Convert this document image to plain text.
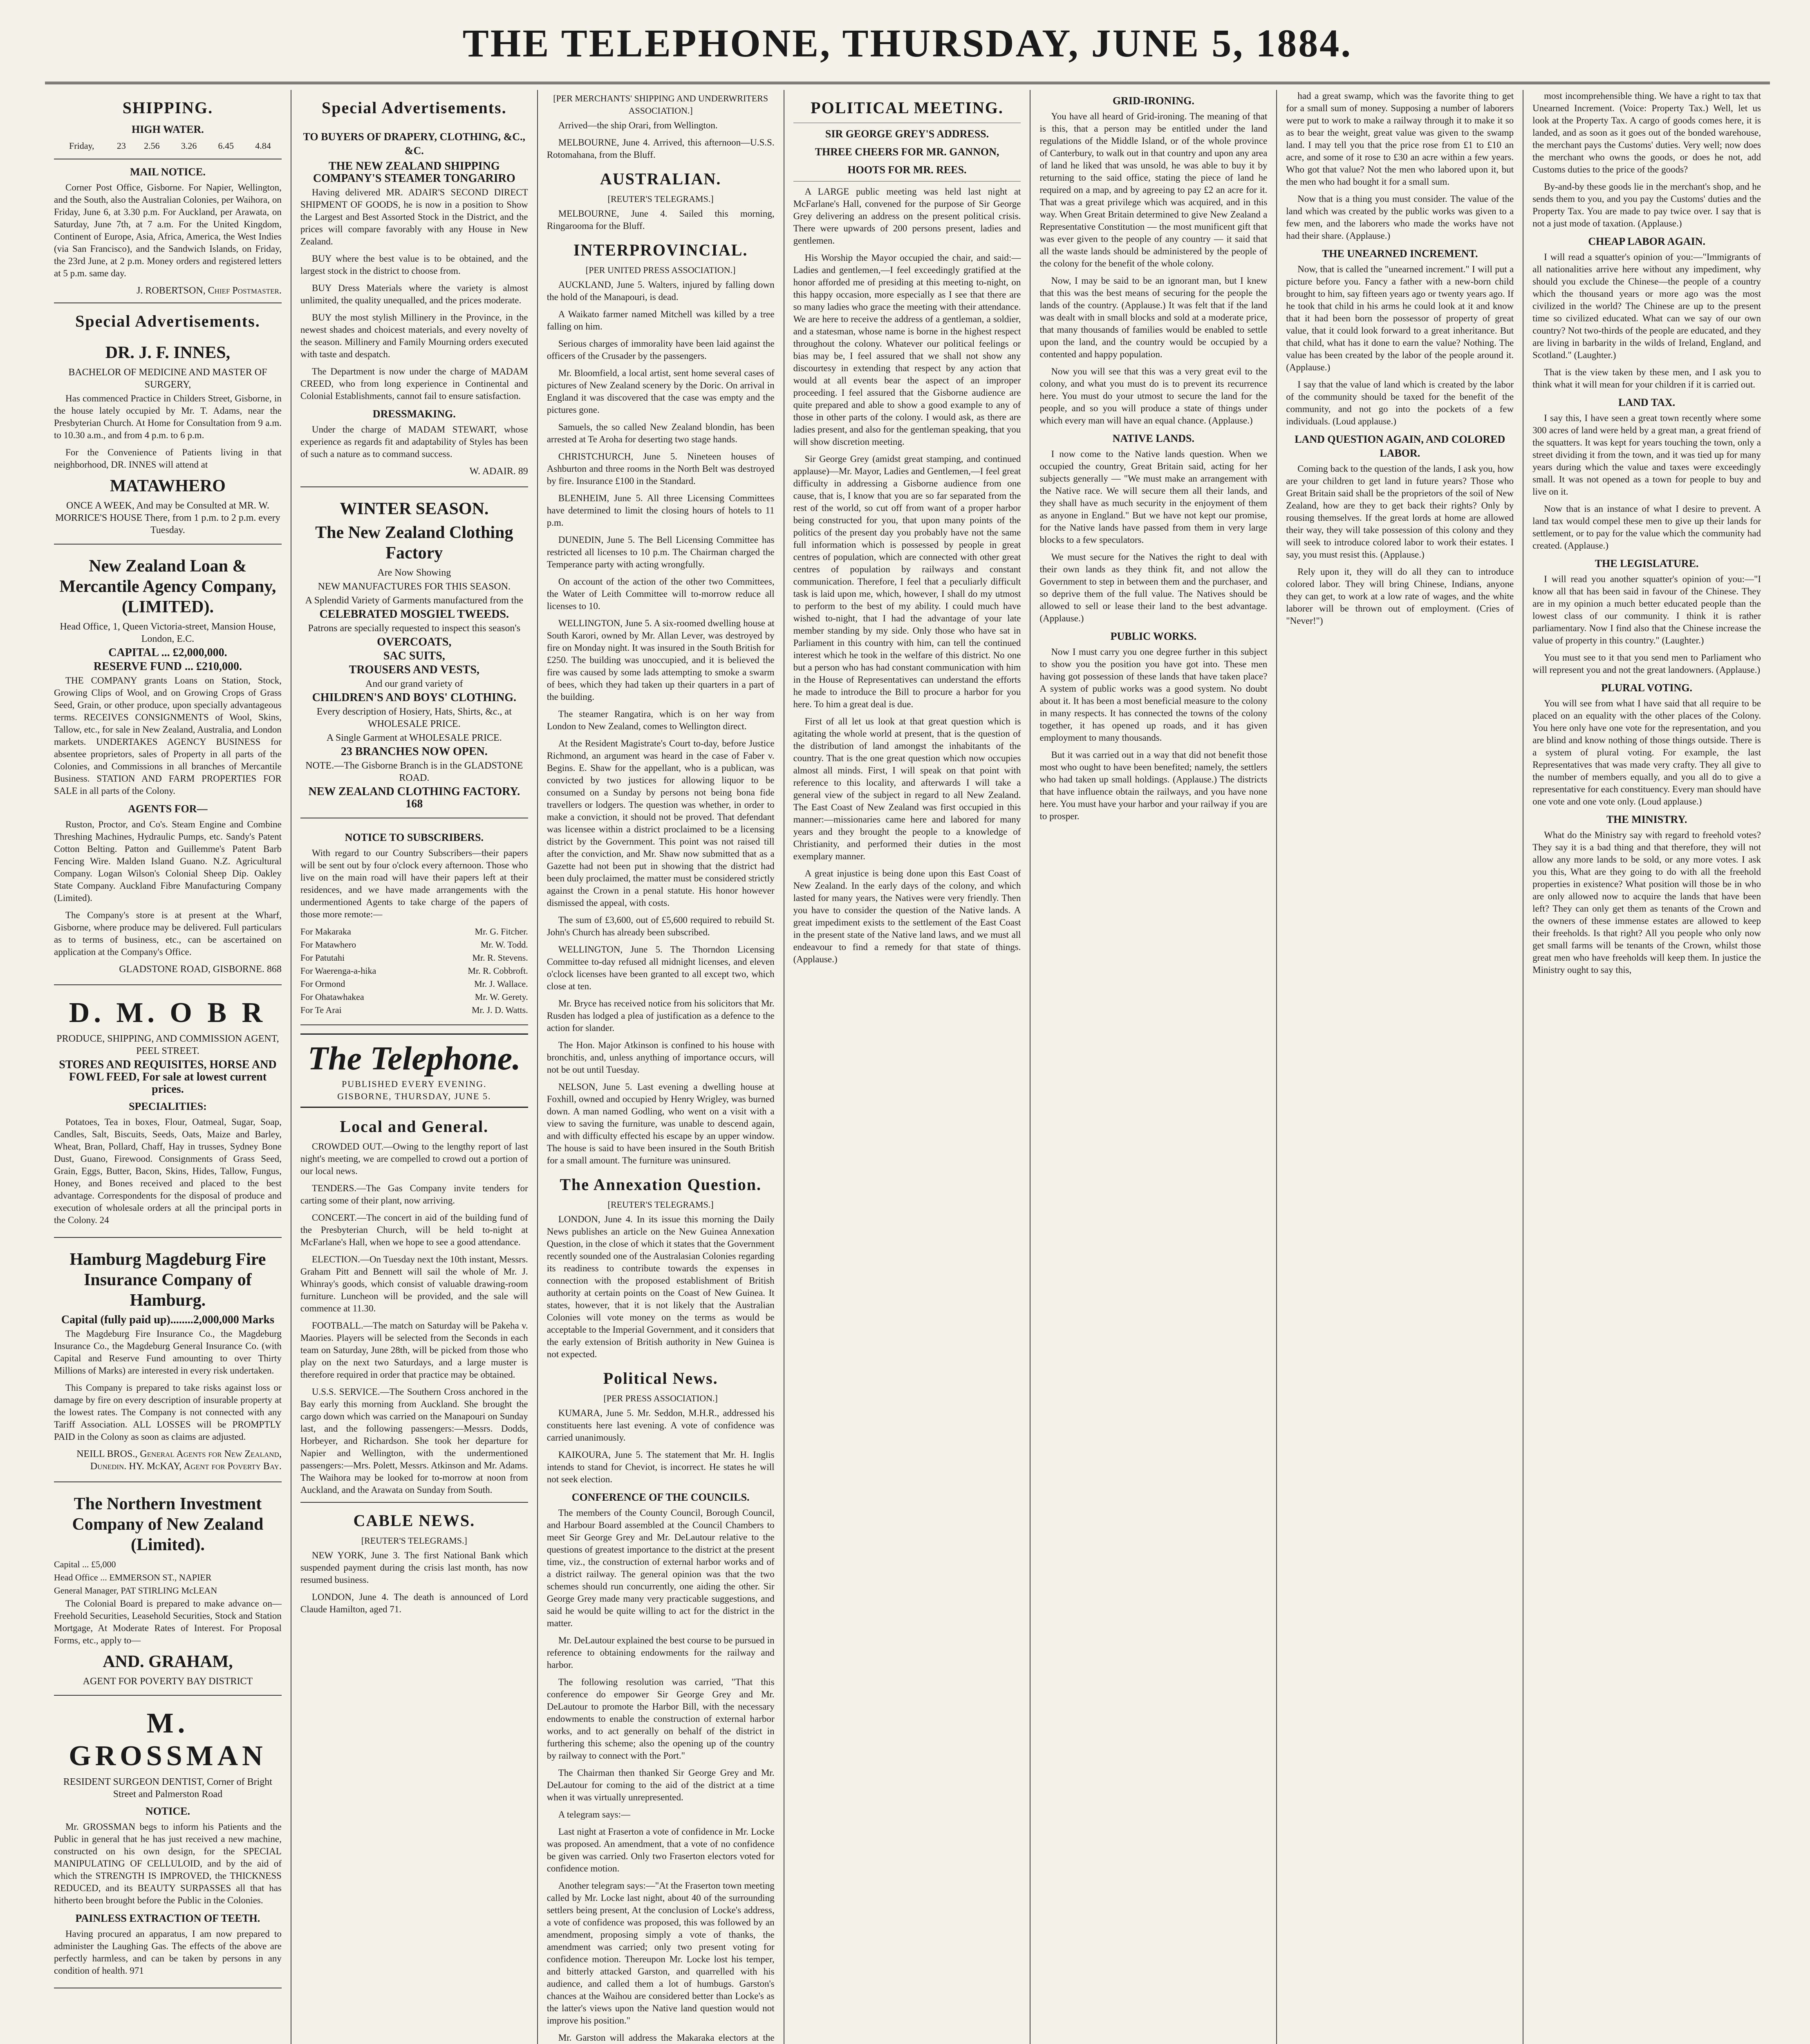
THE TELEPHONE, THURSDAY, JUNE 5, 1884.
SHIPPING.
HIGH WATER.
Friday,	23	2.56	3.26	6.45	4.84
MAIL NOTICE.

Corner Post Office, Gisborne. For Napier, Wellington, and the South, also the Australian Colonies, per Waihora, on Friday, June 6, at 3.30 p.m. For Auckland, per Arawata, on Saturday, June 7th, at 7 a.m. For the United Kingdom, Continent of Europe, Asia, Africa, America, the West Indies (via San Francisco), and the Sandwich Islands, on Friday, the 23rd June, at 2 p.m. Money orders and registered letters at 5 p.m. same day.

J. ROBERTSON, Chief Postmaster.
Special Advertisements.
DR. J. F. INNES,
BACHELOR OF MEDICINE AND MASTER OF SURGERY,

Has commenced Practice in Childers Street, Gisborne, in the house lately occupied by Mr. T. Adams, near the Presbyterian Church. At Home for Consultation from 9 a.m. to 10.30 a.m., and from 4 p.m. to 6 p.m.

For the Convenience of Patients living in that neighborhood, DR. INNES will attend at

MATAWHERO
ONCE A WEEK, And may be Consulted at MR. W. MORRICE'S HOUSE There, from 1 p.m. to 2 p.m. every Tuesday.
New Zealand Loan & Mercantile Agency Company, (LIMITED).
Head Office, 1, Queen Victoria-street, Mansion House, London, E.C.
CAPITAL ... £2,000,000.
RESERVE FUND ... £210,000.

THE COMPANY grants Loans on Station, Stock, Growing Clips of Wool, and on Growing Crops of Grass Seed, Grain, or other produce, upon specially advantageous terms. RECEIVES CONSIGNMENTS of Wool, Skins, Tallow, etc., for sale in New Zealand, Australia, and London markets. UNDERTAKES AGENCY BUSINESS for absentee proprietors, sales of Property in all parts of the Colonies, and Commissions in all branches of Mercantile Business. STATION AND FARM PROPERTIES FOR SALE in all parts of the Colony.

AGENTS FOR—

Ruston, Proctor, and Co's. Steam Engine and Combine Threshing Machines, Hydraulic Pumps, etc. Sandy's Patent Cotton Belting. Patton and Guillemme's Patent Barb Fencing Wire. Malden Island Guano. N.Z. Agricultural Company. Logan Wilson's Colonial Sheep Dip. Oakley State Company. Auckland Fibre Manufacturing Company (Limited).

The Company's store is at present at the Wharf, Gisborne, where produce may be delivered. Full particulars as to terms of business, etc., can be ascertained on application at the Company's Office.

GLADSTONE ROAD, GISBORNE. 868
D. M. O B R
PRODUCE, SHIPPING, AND COMMISSION AGENT, PEEL STREET.
STORES AND REQUISITES, HORSE AND FOWL FEED, For sale at lowest current prices.
SPECIALITIES:

Potatoes, Tea in boxes, Flour, Oatmeal, Sugar, Soap, Candles, Salt, Biscuits, Seeds, Oats, Maize and Barley, Wheat, Bran, Pollard, Chaff, Hay in trusses, Sydney Bone Dust, Guano, Firewood. Consignments of Grass Seed, Grain, Eggs, Butter, Bacon, Skins, Hides, Tallow, Fungus, Honey, and Bones received and placed to the best advantage. Correspondents for the disposal of produce and execution of wholesale orders at all the principal ports in the Colony. 24

Hamburg Magdeburg Fire Insurance Company of Hamburg.
Capital (fully paid up)........2,000,000 Marks

The Magdeburg Fire Insurance Co., the Magdeburg Insurance Co., the Magdeburg General Insurance Co. (with Capital and Reserve Fund amounting to over Thirty Millions of Marks) are interested in every risk undertaken.

This Company is prepared to take risks against loss or damage by fire on every description of insurable property at the lowest rates. The Company is not connected with any Tariff Association. ALL LOSSES will be PROMPTLY PAID in the Colony as soon as claims are adjusted.

NEILL BROS., General Agents for New Zealand, Dunedin. HY. McKAY, Agent for Poverty Bay.
The Northern Investment Company of New Zealand (Limited).
Capital ... £5,000
Head Office ... EMMERSON ST., NAPIER
General Manager, PAT STIRLING McLEAN

The Colonial Board is prepared to make advance on— Freehold Securities, Leasehold Securities, Stock and Station Mortgage, At Moderate Rates of Interest. For Proposal Forms, etc., apply to—

AND. GRAHAM,
AGENT FOR POVERTY BAY DISTRICT
M. GROSSMAN
RESIDENT SURGEON DENTIST, Corner of Bright Street and Palmerston Road
NOTICE.

Mr. GROSSMAN begs to inform his Patients and the Public in general that he has just received a new machine, constructed on his own design, for the SPECIAL MANIPULATING OF CELLULOID, and by the aid of which the STRENGTH IS IMPROVED, the THICKNESS REDUCED, and its BEAUTY SURPASSES all that has hitherto been brought before the Public in the Colonies.

PAINLESS EXTRACTION OF TEETH.

Having procured an apparatus, I am now prepared to administer the Laughing Gas. The effects of the above are perfectly harmless, and can be taken by persons in any condition of health. 971

Special Advertisements.
TO BUYERS OF DRAPERY, CLOTHING, &C., &C.
THE NEW ZEALAND SHIPPING COMPANY'S STEAMER TONGARIRO

Having delivered MR. ADAIR'S SECOND DIRECT SHIPMENT OF GOODS, he is now in a position to Show the Largest and Best Assorted Stock in the District, and the prices will compare favorably with any House in New Zealand.

BUY where the best value is to be obtained, and the largest stock in the district to choose from.

BUY Dress Materials where the variety is almost unlimited, the quality unequalled, and the prices moderate.

BUY the most stylish Millinery in the Province, in the newest shades and choicest materials, and every novelty of the season. Millinery and Family Mourning orders executed with taste and despatch.

The Department is now under the charge of MADAM CREED, who from long experience in Continental and Colonial Establishments, cannot fail to ensure satisfaction.

DRESSMAKING.

Under the charge of MADAM STEWART, whose experience as regards fit and adaptability of Styles has been of such a nature as to command success.

W. ADAIR. 89
WINTER SEASON.
The New Zealand Clothing Factory
Are Now Showing
NEW MANUFACTURES FOR THIS SEASON.
A Splendid Variety of Garments manufactured from the
CELEBRATED MOSGIEL TWEEDS.
Patrons are specially requested to inspect this season's
OVERCOATS,
SAC SUITS,
TROUSERS AND VESTS,
And our grand variety of
CHILDREN'S AND BOYS' CLOTHING.
Every description of Hosiery, Hats, Shirts, &c., at WHOLESALE PRICE.
A Single Garment at WHOLESALE PRICE.
23 BRANCHES NOW OPEN.
NOTE.—The Gisborne Branch is in the GLADSTONE ROAD.
NEW ZEALAND CLOTHING FACTORY. 168
NOTICE TO SUBSCRIBERS.

With regard to our Country Subscribers—their papers will be sent out by four o'clock every afternoon. Those who live on the main road will have their papers left at their residences, and we have made arrangements with the undermentioned Agents to take charge of the papers of those more remote:—

For Makaraka	Mr. G. Fitcher.
For Matawhero	Mr. W. Todd.
For Patutahi	Mr. R. Stevens.
For Waerenga-a-hika	Mr. R. Cobbroft.
For Ormond	Mr. J. Wallace.
For Ohatawhakea	Mr. W. Gerety.
For Te Arai	Mr. J. D. Watts.
The Telephone.
PUBLISHED EVERY EVENING.
GISBORNE, THURSDAY, JUNE 5.
Local and General.

CROWDED OUT.—Owing to the lengthy report of last night's meeting, we are compelled to crowd out a portion of our local news.

TENDERS.—The Gas Company invite tenders for carting some of their plant, now arriving.

CONCERT.—The concert in aid of the building fund of the Presbyterian Church, will be held to-night at McFarlane's Hall, when we hope to see a good attendance.

ELECTION.—On Tuesday next the 10th instant, Messrs. Graham Pitt and Bennett will sail the whole of Mr. J. Whinray's goods, which consist of valuable drawing-room furniture. Luncheon will be provided, and the sale will commence at 11.30.

FOOTBALL.—The match on Saturday will be Pakeha v. Maories. Players will be selected from the Seconds in each team on Saturday, June 28th, will be picked from those who play on the next two Saturdays, and a large muster is therefore required in order that practice may be obtained.

U.S.S. SERVICE.—The Southern Cross anchored in the Bay early this morning from Auckland. She brought the cargo down which was carried on the Manapouri on Sunday last, and the following passengers:—Messrs. Dodds, Horbeyer, and Richardson. She took her departure for Napier and Wellington, with the undermentioned passengers:—Mrs. Polett, Messrs. Atkinson and Mr. Adams. The Waihora may be looked for to-morrow at noon from Auckland, and the Arawata on Sunday from South.

CABLE NEWS.
[REUTER'S TELEGRAMS.]

NEW YORK, June 3. The first National Bank which suspended payment during the crisis last month, has now resumed business.

LONDON, June 4. The death is announced of Lord Claude Hamilton, aged 71.

[PER MERCHANTS' SHIPPING AND UNDERWRITERS ASSOCIATION.]

Arrived—the ship Orari, from Wellington.

MELBOURNE, June 4. Arrived, this afternoon—U.S.S. Rotomahana, from the Bluff.

AUSTRALIAN.
[REUTER'S TELEGRAMS.]

MELBOURNE, June 4. Sailed this morning, Ringarooma for the Bluff.

INTERPROVINCIAL.
[PER UNITED PRESS ASSOCIATION.]

AUCKLAND, June 5. Walters, injured by falling down the hold of the Manapouri, is dead.

A Waikato farmer named Mitchell was killed by a tree falling on him.

Serious charges of immorality have been laid against the officers of the Crusader by the passengers.

Mr. Bloomfield, a local artist, sent home several cases of pictures of New Zealand scenery by the Doric. On arrival in England it was discovered that the case was empty and the pictures gone.

Samuels, the so called New Zealand blondin, has been arrested at Te Aroha for deserting two stage hands.

CHRISTCHURCH, June 5. Nineteen houses of Ashburton and three rooms in the North Belt was destroyed by fire. Insurance £100 in the Standard.

BLENHEIM, June 5. All three Licensing Committees have determined to limit the closing hours of hotels to 11 p.m.

DUNEDIN, June 5. The Bell Licensing Committee has restricted all licenses to 10 p.m. The Chairman charged the Temperance party with acting wrongfully.

On account of the action of the other two Committees, the Water of Leith Committee will to-morrow reduce all licenses to 10.

WELLINGTON, June 5. A six-roomed dwelling house at South Karori, owned by Mr. Allan Lever, was destroyed by fire on Monday night. It was insured in the South British for £250. The building was unoccupied, and it is believed the fire was caused by some lads attempting to smoke a swarm of bees, which they had taken up their quarters in a part of the building.

The steamer Rangatira, which is on her way from London to New Zealand, comes to Wellington direct.

At the Resident Magistrate's Court to-day, before Justice Richmond, an argument was heard in the case of Faber v. Begins. E. Shaw for the appellant, who is a publican, was convicted by two justices for allowing liquor to be consumed on a Sunday by persons not being bona fide travellers or lodgers. The question was whether, in order to make a conviction, it should not be proved. That defendant was licensee within a district proclaimed to be a licensing district by the Government. This point was not raised till after the conviction, and Mr. Shaw now submitted that as a Gazette had not been put in showing that the district had been duly proclaimed, the matter must be considered strictly against the Crown in a penal statute. His honor however dismissed the appeal, with costs.

The sum of £3,600, out of £5,600 required to rebuild St. John's Church has already been subscribed.

WELLINGTON, June 5. The Thorndon Licensing Committee to-day refused all midnight licenses, and eleven o'clock licenses have been granted to all except two, which close at ten.

Mr. Bryce has received notice from his solicitors that Mr. Rusden has lodged a plea of justification as a defence to the action for slander.

The Hon. Major Atkinson is confined to his house with bronchitis, and, unless anything of importance occurs, will not be out until Tuesday.

NELSON, June 5. Last evening a dwelling house at Foxhill, owned and occupied by Henry Wrigley, was burned down. A man named Godling, who went on a visit with a view to saving the furniture, was unable to descend again, and with difficulty effected his escape by an upper window. The house is said to have been insured in the South British for a small amount. The furniture was uninsured.

The Annexation Question.
[REUTER'S TELEGRAMS.]

LONDON, June 4. In its issue this morning the Daily News publishes an article on the New Guinea Annexation Question, in the close of which it states that the Government recently sounded one of the Australasian Colonies regarding its readiness to contribute towards the expenses in connection with the proposed establishment of British authority at certain points on the Coast of New Guinea. It states, however, that it is not likely that the Australian Colonies will vote money on the terms as would be acceptable to the Imperial Government, and it considers that the early extension of British authority in New Guinea is not expected.

Political News.
[PER PRESS ASSOCIATION.]

KUMARA, June 5. Mr. Seddon, M.H.R., addressed his constituents here last evening. A vote of confidence was carried unanimously.

KAIKOURA, June 5. The statement that Mr. H. Inglis intends to stand for Cheviot, is incorrect. He states he will not seek election.

CONFERENCE OF THE COUNCILS.

The members of the County Council, Borough Council, and Harbour Board assembled at the Council Chambers to meet Sir George Grey and Mr. DeLautour relative to the questions of greatest importance to the district at the present time, viz., the construction of external harbor works and of a district railway. The general opinion was that the two schemes should run concurrently, one aiding the other. Sir George Grey made many very practicable suggestions, and said he would be quite willing to act for the district in the matter.

Mr. DeLautour explained the best course to be pursued in reference to obtaining endowments for the railway and harbor.

The following resolution was carried, "That this conference do empower Sir George Grey and Mr. DeLautour to promote the Harbor Bill, with the necessary endowments to enable the construction of external harbor works, and to act generally on behalf of the district in furthering this scheme; also the opening up of the country by railway to connect with the Port."

The Chairman then thanked Sir George Grey and Mr. DeLautour for coming to the aid of the district at a time when it was virtually unrepresented.

A telegram says:—

Last night at Fraserton a vote of confidence in Mr. Locke was proposed. An amendment, that a vote of no confidence be given was carried. Only two Fraserton electors voted for confidence motion.

Another telegram says:—"At the Fraserton town meeting called by Mr. Locke last night, about 40 of the surrounding settlers being present, At the conclusion of Locke's address, a vote of confidence was proposed, this was followed by an amendment, proposing simply a vote of thanks, the amendment was carried; only two present voting for confidence motion. Thereupon Mr. Locke lost his temper, and bitterly attacked Garston, and quarrelled with his audience, and called them a lot of humbugs. Garston's chances at the Waihou are considered better than Locke's as the latter's views upon the Native land question would not improve his position."

Mr. Garston will address the Makaraka electors at the

POLITICAL MEETING.
SIR GEORGE GREY'S ADDRESS.
THREE CHEERS FOR MR. GANNON,
HOOTS FOR MR. REES.

A LARGE public meeting was held last night at McFarlane's Hall, convened for the purpose of Sir George Grey delivering an address on the present political crisis. There were upwards of 200 persons present, ladies and gentlemen.

His Worship the Mayor occupied the chair, and said:—Ladies and gentlemen,—I feel exceedingly gratified at the honor afforded me of presiding at this meeting to-night, on this happy occasion, more especially as I see that there are so many ladies who grace the meeting with their attendance. We are here to receive the address of a gentleman, a soldier, and a statesman, whose name is borne in the highest respect throughout the colony. Whatever our political feelings or bias may be, I feel assured that we shall not show any discourtesy in extending that respect by any action that would at all events bear the aspect of an improper proceeding. I feel assured that the Gisborne audience are quite prepared and able to show a good example to any of those in other parts of the colony. I would ask, as there are ladies present, and also for the gentleman speaking, that you will show discretion meeting.

Sir George Grey (amidst great stamping, and continued applause)—Mr. Mayor, Ladies and Gentlemen,—I feel great difficulty in addressing a Gisborne audience from one cause, that is, I know that you are so far separated from the rest of the world, so cut off from want of a proper harbor being constructed for you, that upon many points of the politics of the present day you probably have not the same full information which is possessed by people in great centres of population, which are connected with other great centres of population by railways and constant communication. Therefore, I feel that a peculiarly difficult task is laid upon me, which, however, I shall do my utmost to perform to the best of my ability. I could much have wished to-night, that I had the advantage of your late member standing by my side. Only those who have sat in Parliament in this country with him, can tell the continued interest which he took in the welfare of this district. No one but a person who has had constant communication with him in the House of Representatives can understand the efforts he made to introduce the Bill to procure a harbor for you here. To him a great deal is due.

First of all let us look at that great question which is agitating the whole world at present, that is the question of the distribution of land amongst the inhabitants of the country. That is the one great question which now occupies almost all minds. First, I will speak on that point with reference to this locality, and afterwards I will take a general view of the subject in regard to all New Zealand. The East Coast of New Zealand was first occupied in this manner:—missionaries came here and labored for many years and they brought the people to a knowledge of Christianity, and performed their duties in the most exemplary manner.

A great injustice is being done upon this East Coast of New Zealand. In the early days of the colony, and which lasted for many years, the Natives were very friendly. Then you have to consider the question of the Native lands. A great impediment exists to the settlement of the East Coast in the present state of the Native land laws, and we must all endeavour to find a remedy for that state of things. (Applause.)

GRID-IRONING.

You have all heard of Grid-ironing. The meaning of that is this, that a person may be entitled under the land regulations of the Middle Island, or of the whole province of Canterbury, to walk out in that country and upon any area of land he liked that was unsold, he was able to buy it by returning to the said office, stating the piece of land he required on a map, and by agreeing to pay £2 an acre for it. That was a great privilege which was acquired, and in this way. When Great Britain determined to give New Zealand a Representative Constitution — the most munificent gift that was ever given to the people of any country — it said that all the waste lands should be administered by the people of the colony for the benefit of the whole colony.

Now, I may be said to be an ignorant man, but I knew that this was the best means of securing for the people the lands of the country. (Applause.) It was felt that if the land was dealt with in small blocks and sold at a moderate price, that many thousands of families would be enabled to settle upon the land, and the country would be occupied by a contented and happy population.

Now you will see that this was a very great evil to the colony, and what you must do is to prevent its recurrence here. You must do your utmost to secure the land for the people, and so you will produce a state of things under which every man will have an equal chance. (Applause.)

NATIVE LANDS.

I now come to the Native lands question. When we occupied the country, Great Britain said, acting for her subjects generally — "We must make an arrangement with the Native race. We will secure them all their lands, and they shall have as much security in the enjoyment of them as anyone in England." But we have not kept our promise, for the Native lands have passed from them in very large blocks to a few speculators.

We must secure for the Natives the right to deal with their own lands as they think fit, and not allow the Government to step in between them and the purchaser, and so deprive them of the full value. The Natives should be allowed to sell or lease their land to the best advantage. (Applause.)

PUBLIC WORKS.

Now I must carry you one degree further in this subject to show you the position you have got into. These men having got possession of these lands that have taken place? A system of public works was a good system. No doubt about it. It has been a most beneficial measure to the colony in many respects. It has connected the towns of the colony together, it has opened up roads, and it has given employment to many thousands.

But it was carried out in a way that did not benefit those most who ought to have been benefited; namely, the settlers who had taken up small holdings. (Applause.) The districts that have influence obtain the railways, and you have none here. You must have your harbor and your railway if you are to prosper.

had a great swamp, which was the favorite thing to get for a small sum of money. Supposing a number of laborers were put to work to make a railway through it to make it so as to bear the weight, great value was given to the swamp land. I may tell you that the price rose from £1 to £10 an acre, and some of it rose to £30 an acre within a few years. Who got that value? Not the men who labored upon it, but the men who had bought it for a small sum.

Now that is a thing you must consider. The value of the land which was created by the public works was given to a few men, and the laborers who made the works have not had their share. (Applause.)

THE UNEARNED INCREMENT.

Now, that is called the "unearned increment." I will put a picture before you. Fancy a father with a new-born child brought to him, say fifteen years ago or twenty years ago. If he took that child in his arms he could look at it and know that it had been born the possessor of property of great value, that it could look forward to a great inheritance. But that child, what has it done to earn the value? Nothing. The value has been created by the labor of the people around it. (Applause.)

I say that the value of land which is created by the labor of the community should be taxed for the benefit of the community, and not go into the pockets of a few individuals. (Loud applause.)

LAND QUESTION AGAIN, AND COLORED LABOR.

Coming back to the question of the lands, I ask you, how are your children to get land in future years? Those who Great Britain said shall be the proprietors of the soil of New Zealand, how are they to get back their rights? Only by rousing themselves. If the great lords at home are allowed their way, they will take possession of this colony and they will seek to introduce colored labor to work their estates. I say, you must resist this. (Applause.)

Rely upon it, they will do all they can to introduce colored labor. They will bring Chinese, Indians, anyone they can get, to work at a low rate of wages, and the white laborer will be thrown out of employment. (Cries of "Never!")

most incomprehensible thing. We have a right to tax that Unearned Increment. (Voice: Property Tax.) Well, let us look at the Property Tax. A cargo of goods comes here, it is landed, and as soon as it goes out of the bonded warehouse, the merchant pays the Customs' duties. Very well; now does the merchant who owns the goods, or does he not, add Customs duties to the price of the goods?

By-and-by these goods lie in the merchant's shop, and he sends them to you, and you pay the Customs' duties and the Property Tax. You are made to pay twice over. I say that is not a just mode of taxation. (Applause.)

CHEAP LABOR AGAIN.

I will read a squatter's opinion of you:—"Immigrants of all nationalities arrive here without any impediment, why should you exclude the Chinese—the people of a country which the thousand years or more ago was the most civilized in the world? The Chinese are up to the present time so civilized educated. What can we say of our own country? Not two-thirds of the people are educated, and they are living in barbarity in the wilds of Ireland, England, and Scotland." (Laughter.)

That is the view taken by these men, and I ask you to think what it will mean for your children if it is carried out.

LAND TAX.

I say this, I have seen a great town recently where some 300 acres of land were held by a great man, a great friend of the squatters. It was kept for years touching the town, only a street dividing it from the town, and it was tied up for many years during which the value and taxes were exceedingly small. It was not opened as a town for people to buy and live on it.

Now that is an instance of what I desire to prevent. A land tax would compel these men to give up their lands for settlement, or to pay for the value which the community had created. (Applause.)

THE LEGISLATURE.

I will read you another squatter's opinion of you:—"I know all that has been said in favour of the Chinese. They are in my opinion a much better educated people than the lowest class of our community. I think it is rather parliamentary. Now I find also that the Chinese increase the value of property in this country." (Laughter.)

You must see to it that you send men to Parliament who will represent you and not the great landowners. (Applause.)

PLURAL VOTING.

You will see from what I have said that all require to be placed on an equality with the other places of the Colony. You here only have one vote for the representation, and you are blind and know nothing of those things outside. There is a system of plural voting. For example, the last Representatives that was made very crafty. They all give to the number of members equally, and you all do to give a representative for each constituency. Every man should have one vote and one vote only. (Loud applause.)

THE MINISTRY.

What do the Ministry say with regard to freehold votes? They say it is a bad thing and that therefore, they will not allow any more lands to be sold, or any more votes. I ask you this, What are they going to do with all the freehold properties in existence? What position will those be in who are only allowed now to acquire the lands that have been left? They can only get them as tenants of the Crown and the owners of these immense estates are allowed to keep their freeholds. Is that right? All you people who only now get small farms will be tenants of the Crown, whilst those great men who have freeholds will keep them. In justice the Ministry ought to say this,
